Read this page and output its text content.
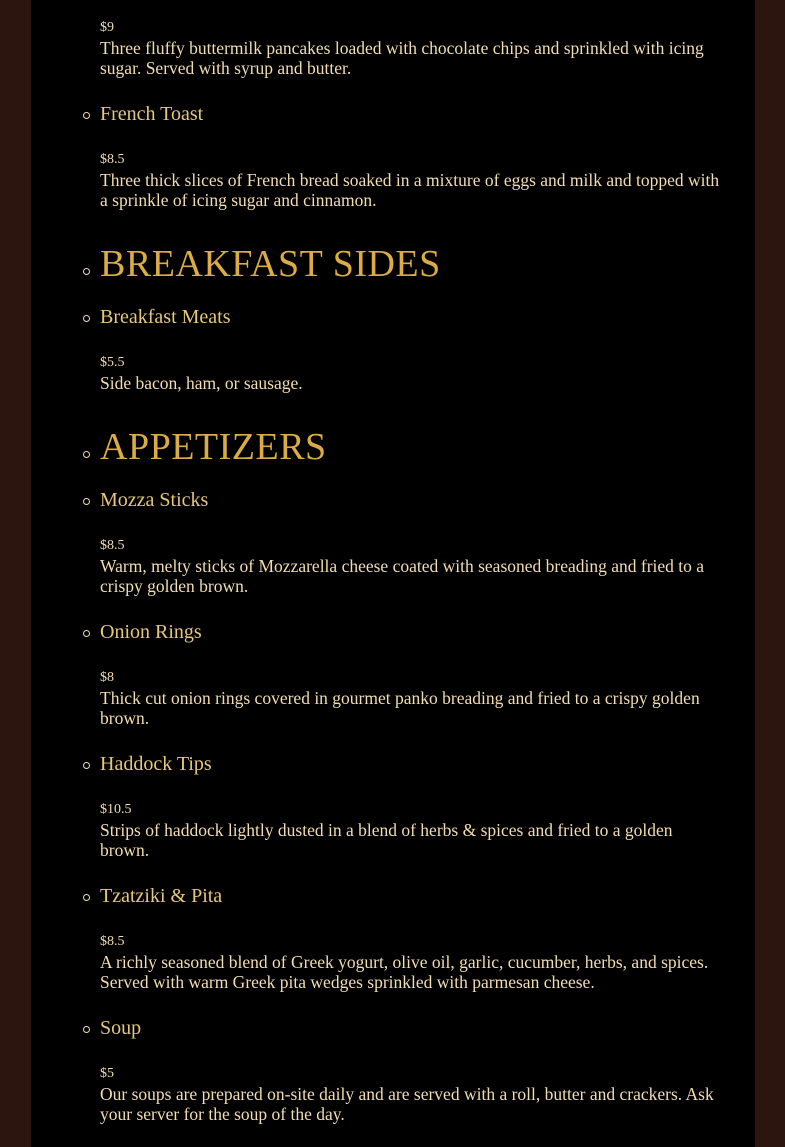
$9
Three fluffy buttermilk pancakes loaded with chocolate chips and sprinkled with icing sugar. Served with syrup and butter.
French Toast
$8.5
Three thick slices of French bread soaked in a mixture of eggs and milk and topped with a sprinkle of icing sugar and cinnamon.
BREAKFAST SIDES
Breakfast Meats
$5.5
Side bacon, ham, or sausage.
APPETIZERS
Mozza Sticks
$8.5
Warm, melty sticks of Mozzarella cheese coated with seasoned breading and fried to a crispy golden brown.
Onion Rings
$8
Thick cut onion rings covered in gourmet panko breading and fried to a crispy golden brown.
Haddock Tips
$10.5
Strips of haddock lightly dusted in a blend of herbs & spices and fried to a golden brown.
Tzatziki & Pita
$8.5
A richly seasoned blend of Greek yogurt, olive oil, garlic, cucumber, herbs, and spices. Served with warm Greek pita wedges sprinkled with parmesan cheese.
Soup
$5
Our soups are prepared on-site daily and are served with a roll, butter and crackers. Ask your server for the soup of the day.
